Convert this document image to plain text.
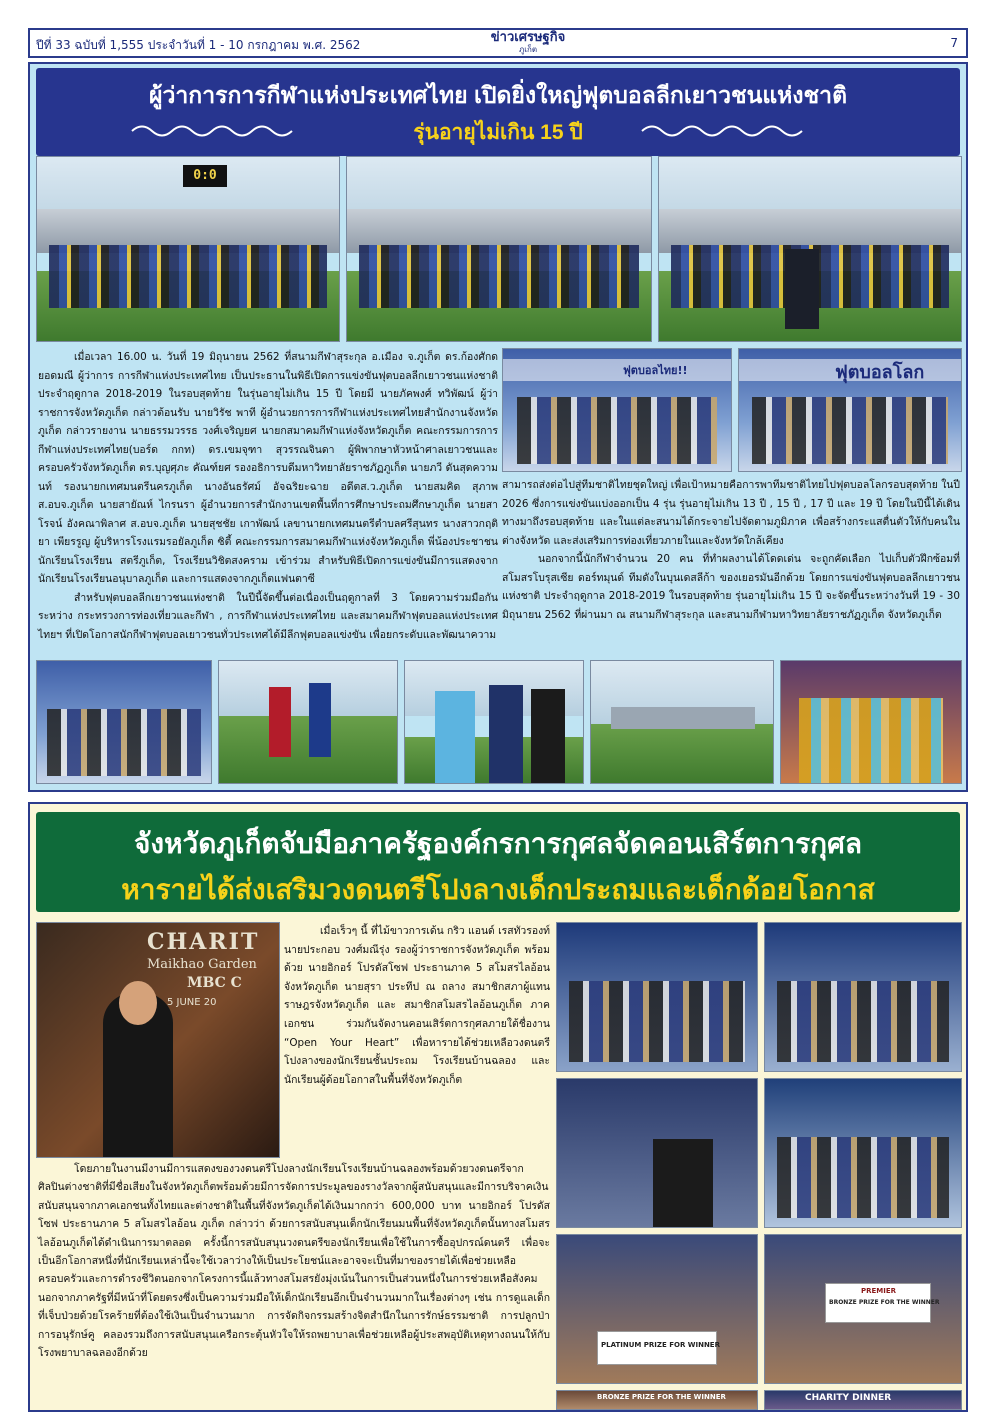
ปีที่ 33 ฉบับที่ 1,555 ประจำวันที่ 1 - 10 กรกฎาคม พ.ศ. 2562	ข่าวเศรษฐกิจ
ภูเก็ต	7
ผู้ว่าการการกีฬาแห่งประเทศไทย เปิดยิ่งใหญ่ฟุตบอลลีกเยาวชนแห่งชาติ
รุ่นอายุไม่เกิน 15 ปี
0:0
ฟุตบอลไทย!!	ฟุตบอลโลก

เมื่อเวลา 16.00 น. วันที่ 19 มิถุนายน 2562 ที่สนามกีฬาสุระกุล อ.เมือง จ.ภูเก็ต ดร.ก้องศักด ยอดมณี ผู้ว่าการ การกีฬาแห่งประเทศไทย เป็นประธานในพิธีเปิดการแข่งขันฟุตบอลลีกเยาวชนแห่งชาติ ประจำฤดูกาล 2018-2019 ในรอบสุดท้าย ในรุ่นอายุไม่เกิน 15 ปี โดยมี นายภัคพงศ์ ทวิพัฒน์ ผู้ว่าราชการจังหวัดภูเก็ต กล่าวต้อนรับ นายวิรัช พาที ผู้อำนวยการการกีฬาแห่งประเทศไทยสำนักงานจังหวัดภูเก็ต กล่าวรายงาน นายธรรมวรรธ วงศ์เจริญยศ นายกสมาคมกีฬาแห่งจังหวัดภูเก็ต คณะกรรมการการกีฬาแห่งประเทศไทย(บอร์ด กกท) ดร.เขมจุฑา สุวรรณจินดา ผู้พิพากษาหัวหน้าศาลเยาวชนและครอบครัวจังหวัดภูเก็ต ดร.บุญศุภะ คัณฑ์ยศ รองอธิการบดีมหาวิทยาลัยราชภัฏภูเก็ต นายภวี ดันสุดความนท์ รองนายกเทศมนตรีนครภูเก็ต นางอันธรัศม์ อัจฉริยะฉาย อดีตส.ว.ภูเก็ต นายสมคิด สุภาพ ส.อบจ.ภูเก็ต นายสายัณห์ ไกรนรา ผู้อำนวยการสำนักงานเขตพื้นที่การศึกษาประถมศึกษาภูเก็ต นายสาโรจน์ อังคณาพิลาศ ส.อบจ.ภูเก็ต นายสุชชัย เกาพัฒน์ เลขานายกเทศมนตรีตำบลศรีสุนทร นางสาวกฤติยา เพียรรูญ ผู้บริหารโรงแรมรอยัลภูเก็ต ซิตี้ คณะกรรมการสมาคมกีฬาแห่งจังหวัดภูเก็ต พี่น้องประชาชน นักเรียนโรงเรียน สตรีภูเก็ต, โรงเรียนวิชิตสงคราม เข้าร่วม สำหรับพิธีเปิดการแข่งขันมีการแสดงจากนักเรียนโรงเรียนอนุบาลภูเก็ต และการแสดงจากภูเก็ตแฟนตาซี

สำหรับฟุตบอลลีกเยาวชนแห่งชาติ ในปีนี้จัดขึ้นต่อเนื่องเป็นฤดูกาลที่ 3 โดยความร่วมมือกันระหว่าง กระทรวงการท่องเที่ยวและกีฬา , การกีฬาแห่งประเทศไทย และสมาคมกีฬาฟุตบอลแห่งประเทศไทยฯ ที่เปิดโอกาสนักกีฬาฟุตบอลเยาวชนทั่วประเทศได้มีลีกฟุตบอลแข่งขัน เพื่อยกระดับและพัฒนาความ

สามารถส่งต่อไปสู่ทีมชาติไทยชุดใหญ่ เพื่อเป้าหมายคือการพาทีมชาติไทยไปฟุตบอลโลกรอบสุดท้าย ในปี 2026 ซึ่งการแข่งขันแบ่งออกเป็น 4 รุ่น รุ่นอายุไม่เกิน 13 ปี , 15 ปี , 17 ปี และ 19 ปี โดยในปีนี้ได้เดินทางมาถึงรอบสุดท้าย และในแต่ละสนามได้กระจายไปจัดตามภูมิภาค เพื่อสร้างกระแสตื่นตัวให้กับคนในต่างจังหวัด และส่งเสริมการท่องเที่ยวภายในและจังหวัดใกล้เคียง

นอกจากนี้นักกีฬาจำนวน 20 คน ที่ทำผลงานได้โดดเด่น จะถูกคัดเลือก ไปเก็บตัวฝึกซ้อมที่สโมสรโบรุสเซีย ดอร์ทมุนด์ ทีมดังในบุนเดสลีก้า ของเยอรมันอีกด้วย โดยการแข่งขันฟุตบอลลีกเยาวชนแห่งชาติ ประจำฤดูกาล 2018-2019 ในรอบสุดท้าย รุ่นอายุไม่เกิน 15 ปี จะจัดขึ้นระหว่างวันที่ 19 - 30 มิถุนายน 2562 ที่ผ่านมา ณ สนามกีฬาสุระกุล และสนามกีฬามหาวิทยาลัยราชภัฏภูเก็ต จังหวัดภูเก็ต

จังหวัดภูเก็ตจับมือภาครัฐองค์กรการกุศลจัดคอนเสิร์ตการกุศล
หารายได้ส่งเสริมวงดนตรีโปงลางเด็กประถมและเด็กด้อยโอกาส
CHARIT
Maikhao Garden
MBC C
5 JUNE 20
PLATINUM PRIZE FOR WINNER
PREMIER
BRONZE PRIZE FOR THE WINNER
BRONZE PRIZE FOR THE WINNER	CHARITY DINNER

เมื่อเร็วๆ นี้ ที่ไม้ขาวการเด้น กริว แอนด์ เรสทัวรองท์ นายประกอบ วงศ์มณีรุ่ง รองผู้ว่าราชการจังหวัดภูเก็ต พร้อมด้วย นายอิกอร์ โปรดัสโซฟ ประธานภาค 5 สโมสรไลอ้อนจังหวัดภูเก็ต นายสุรา ประทีป ณ ถลาง สมาชิกสภาผู้แทนราษฎรจังหวัดภูเก็ต และ สมาชิกสโมสรไลอ้อนภูเก็ต ภาคเอกชน ร่วมกันจัดงานคอนเสิร์ตการกุศลภายใต้ชื่องาน “Open Your Heart” เพื่อหารายได้ช่วยเหลือวงดนตรีโปงลางของนักเรียนชั้นประถม โรงเรียนบ้านฉลอง และนักเรียนผู้ด้อยโอกาสในพื้นที่จังหวัดภูเก็ต

โดยภายในงานมีงานมีการแสดงของวงดนตรีโปงลางนักเรียนโรงเรียนบ้านฉลองพร้อมด้วยวงดนตรีจากศิลปินต่างชาติที่มีชื่อเสียงในจังหวัดภูเก็ตพร้อมด้วยมีการจัดการประมูลของรางวัลจากผู้สนับสนุนและมีการบริจาคเงินสนับสนุนจากภาคเอกชนทั้งไทยและต่างชาติในพื้นที่จังหวัดภูเก็ตได้เงินมากกว่า 600,000 บาท นายอิกอร์ โปรดัสโซฟ ประธานภาค 5 สโมสรไลอ้อน ภูเก็ต กล่าวว่า ด้วยการสนับสนุนเด็กนักเรียนมนพื้นที่จังหวัดภูเก็ตนั้นทางสโมสรไลอ้อนภูเก็ตได้ดำเนินการมาตลอด ครั้งนี้การสนับสนุนวงดนตรีของนักเรียนเพื่อใช้ในการซื้ออุปกรณ์ดนตรี เพื่อจะเป็นอีกโอกาสหนึ่งที่นักเรียนเหล่านี้จะใช้เวลาว่างให้เป็นประโยชน์และอาจจะเป็นที่มาของรายได้เพื่อช่วยเหลือครอบครัวและการดำรงชีวิตนอกจากโครงการนี้แล้วทางสโมสรยังมุ่งเน้นในการเป็นส่วนหนึ่งในการช่วยเหลือสังคมนอกจากภาครัฐที่มีหน้าที่โดยตรงซึ่งเป็นความร่วมมือให้เด็กนักเรียนอีกเป็นจำนวนมากในเรื่องต่างๆ เช่น การดูแลเด็กที่เจ็บป่วยด้วยโรคร้ายที่ต้องใช้เงินเป็นจำนวนมาก การจัดกิจกรรมสร้างจิตสำนึกในการรักษ์ธรรมชาติ การปลูกป่า การอนุรักษ์คู คลองรวมถึงการสนับสนุนเครือกระตุ้นหัวใจให้รถพยาบาลเพื่อช่วยเหลือผู้ประสพอุบัติเหตุทางถนนให้กับโรงพยาบาลฉลองอีกด้วย
